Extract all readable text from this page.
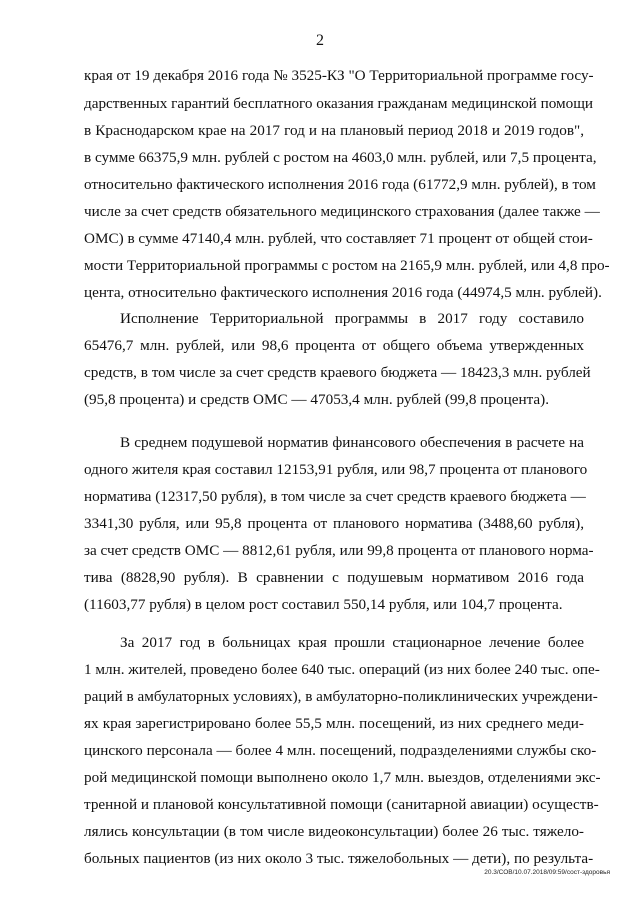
2
края от 19 декабря 2016 года № 3525-КЗ "О Территориальной программе госу-
дарственных гарантий бесплатного оказания гражданам медицинской помощи
в Краснодарском крае на 2017 год и на плановый период 2018 и 2019 годов",
в сумме 66375,9 млн. рублей с ростом на 4603,0 млн. рублей, или 7,5 процента,
относительно фактического исполнения 2016 года (61772,9 млн. рублей), в том
числе за счет средств обязательного медицинского страхования (далее также —
ОМС) в сумме 47140,4 млн. рублей, что составляет 71 процент от общей стои-
мости Территориальной программы с ростом на 2165,9 млн. рублей, или 4,8 про-
цента, относительно фактического исполнения 2016 года (44974,5 млн. рублей).
Исполнение Территориальной программы в 2017 году составило
65476,7 млн. рублей, или 98,6 процента от общего объема утвержденных
средств, в том числе за счет средств краевого бюджета — 18423,3 млн. рублей
(95,8 процента) и средств ОМС — 47053,4 млн. рублей (99,8 процента).
В среднем подушевой норматив финансового обеспечения в расчете на
одного жителя края составил 12153,91 рубля, или 98,7 процента от планового
норматива (12317,50 рубля), в том числе за счет средств краевого бюджета —
3341,30 рубля, или 95,8 процента от планового норматива (3488,60 рубля),
за счет средств ОМС — 8812,61 рубля, или 99,8 процента от планового норма-
тива (8828,90 рубля). В сравнении с подушевым нормативом 2016 года
(11603,77 рубля) в целом рост составил 550,14 рубля, или 104,7 процента.
За 2017 год в больницах края прошли стационарное лечение более
1 млн. жителей, проведено более 640 тыс. операций (из них более 240 тыс. опе-
раций в амбулаторных условиях), в амбулаторно-поликлинических учреждени-
ях края зарегистрировано более 55,5 млн. посещений, из них среднего меди-
цинского персонала — более 4 млн. посещений, подразделениями службы ско-
рой медицинской помощи выполнено около 1,7 млн. выездов, отделениями экс-
тренной и плановой консультативной помощи (санитарной авиации) осуществ-
лялись консультации (в том числе видеоконсультации) более 26 тыс. тяжело-
больных пациентов (из них около 3 тыс. тяжелобольных — дети), по результа-
20.3/СОВ/10.07.2018/09:59/сост-здоровья
